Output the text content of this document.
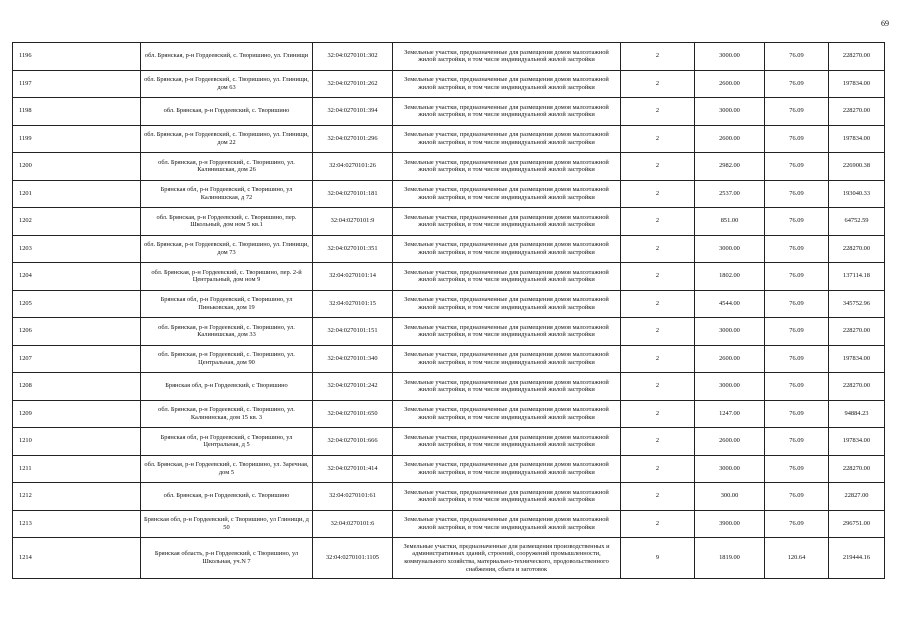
69
1196	обл. Брянская, р-н Гордеевский, с. Творишино, ул. Глинищи	32:04:0270101:302	Земельные участки, предназначенные для размещения домов малоэтажной жилой застройки, в том числе индивидуальной жилой застройки	2	3000.00	76.09	228270.00
1197	обл. Брянская, р-н Гордеевский, с. Творишино, ул. Глинищи, дом 63	32:04:0270101:262	Земельные участки, предназначенные для размещения домов малоэтажной жилой застройки, в том числе индивидуальной жилой застройки	2	2600.00	76.09	197834.00
1198	обл. Брянская, р-н Гордеевский, с. Творишино	32:04:0270101:394	Земельные участки, предназначенные для размещения домов малоэтажной жилой застройки, в том числе индивидуальной жилой застройки	2	3000.00	76.09	228270.00
1199	обл. Брянская, р-н Гордеевский, с. Творишино, ул. Глинищи, дом 22	32:04:0270101:296	Земельные участки, предназначенные для размещения домов малоэтажной жилой застройки, в том числе индивидуальной жилой застройки	2	2600.00	76.09	197834.00
1200	обл. Брянская, р-н Гордеевский, с. Творишино, ул. Калинишская, дом 26	32:04:0270101:26	Земельные участки, предназначенные для размещения домов малоэтажной жилой застройки, в том числе индивидуальной жилой застройки	2	2982.00	76.09	226900.38
1201	Брянская обл, р-н Гордеевский, с Творишино, ул Калинишская, д 72	32:04:0270101:181	Земельные участки, предназначенные для размещения домов малоэтажной жилой застройки, в том числе индивидуальной жилой застройки	2	2537.00	76.09	193040.33
1202	обл. Брянская, р-н Гордеевский, с. Творишино, пер. Школьный, дом ном 5 кв.1	32:04:0270101:9	Земельные участки, предназначенные для размещения домов малоэтажной жилой застройки, в том числе индивидуальной жилой застройки	2	851.00	76.09	64752.59
1203	обл. Брянская, р-н Гордеевский, с. Творишино, ул. Глинищи, дом 73	32:04:0270101:351	Земельные участки, предназначенные для размещения домов малоэтажной жилой застройки, в том числе индивидуальной жилой застройки	2	3000.00	76.09	228270.00
1204	обл. Брянская, р-н Гордеевский, с. Творишино, пер. 2-й Центральный, дом ном 9	32:04:0270101:14	Земельные участки, предназначенные для размещения домов малоэтажной жилой застройки, в том числе индивидуальной жилой застройки	2	1802.00	76.09	137114.18
1205	Брянская обл, р-н Гордеевский, с Творишино, ул Пиньковская, дом 19	32:04:0270101:15	Земельные участки, предназначенные для размещения домов малоэтажной жилой застройки, в том числе индивидуальной жилой застройки	2	4544.00	76.09	345752.96
1206	обл. Брянская, р-н Гордеевский, с. Творишино, ул. Калинишская, дом 33	32:04:0270101:151	Земельные участки, предназначенные для размещения домов малоэтажной жилой застройки, в том числе индивидуальной жилой застройки	2	3000.00	76.09	228270.00
1207	обл. Брянская, р-н Гордеевский, с. Творишино, ул. Центральная, дом 90	32:04:0270101:340	Земельные участки, предназначенные для размещения домов малоэтажной жилой застройки, в том числе индивидуальной жилой застройки	2	2600.00	76.09	197834.00
1208	Брянская обл, р-н Гордеевский, с Творишино	32:04:0270101:242	Земельные участки, предназначенные для размещения домов малоэтажной жилой застройки, в том числе индивидуальной жилой застройки	2	3000.00	76.09	228270.00
1209	обл. Брянская, р-н Гордеевский, с. Творишино, ул. Калининская, дом 15 кв. 3	32:04:0270101:650	Земельные участки, предназначенные для размещения домов малоэтажной жилой застройки, в том числе индивидуальной жилой застройки	2	1247.00	76.09	94884.23
1210	Брянская обл, р-н Гордеевский, с Творишино, ул Центральная, д 5	32:04:0270101:666	Земельные участки, предназначенные для размещения домов малоэтажной жилой застройки, в том числе индивидуальной жилой застройки	2	2600.00	76.09	197834.00
1211	обл. Брянская, р-н Гордеевский, с. Творишино, ул. Заречная, дом 5	32:04:0270101:414	Земельные участки, предназначенные для размещения домов малоэтажной жилой застройки, в том числе индивидуальной жилой застройки	2	3000.00	76.09	228270.00
1212	обл. Брянская, р-н Гордеевский, с. Творишино	32:04:0270101:61	Земельные участки, предназначенные для размещения домов малоэтажной жилой застройки, в том числе индивидуальной жилой застройки	2	300.00	76.09	22827.00
1213	Брянская обл, р-н Гордеевский, с Творишино, ул Глинищи, д 50	32:04:0270101:6	Земельные участки, предназначенные для размещения домов малоэтажной жилой застройки, в том числе индивидуальной жилой застройки	2	3900.00	76.09	296751.00
1214	Брянская область, р-н Гордеевский, с Творишино, ул Школьная, уч.N 7	32:04:0270101:1105	Земельные участки, предназначенные для размещения производственных и административных зданий, строений, сооружений промышленности, коммунального хозяйства, материально-технического, продовольственного снабжения, сбыта и заготовок	9	1819.00	120.64	219444.16
